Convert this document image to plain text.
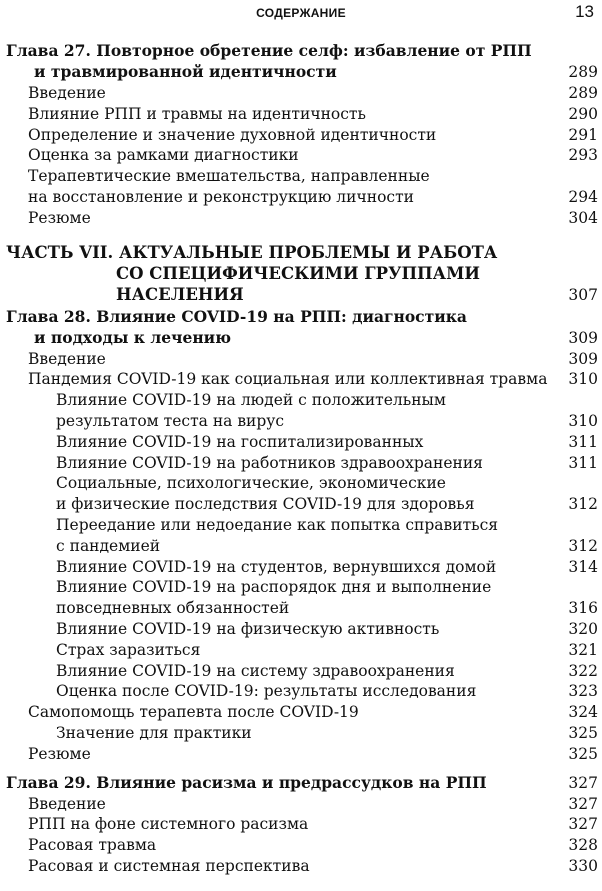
СОДЕРЖАНИЕ	13
Глава 27. Повторное обретение селф: избавление от РПП
и травмированной идентичности	289
Введение	289
Влияние РПП и травмы на идентичность	290
Определение и значение духовной идентичности	291
Оценка за рамками диагностики	293
Терапевтические вмешательства, направленные
на восстановление и реконструкцию личности	294
Резюме	304
ЧАСТЬ VII. АКТУАЛЬНЫЕ ПРОБЛЕМЫ И РАБОТА
СО СПЕЦИФИЧЕСКИМИ ГРУППАМИ
НАСЕЛЕНИЯ	307
Глава 28. Влияние COVID-19 на РПП: диагностика
и подходы к лечению	309
Введение	309
Пандемия COVID-19 как социальная или коллективная травма	310
Влияние COVID-19 на людей с положительным
результатом теста на вирус	310
Влияние COVID-19 на госпитализированных	311
Влияние COVID-19 на работников здравоохранения	311
Социальные, психологические, экономические
и физические последствия COVID-19 для здоровья	312
Переедание или недоедание как попытка справиться
с пандемией	312
Влияние COVID-19 на студентов, вернувшихся домой	314
Влияние COVID-19 на распорядок дня и выполнение
повседневных обязанностей	316
Влияние COVID-19 на физическую активность	320
Страх заразиться	321
Влияние COVID-19 на систему здравоохранения	322
Оценка после COVID-19: результаты исследования	323
Самопомощь терапевта после COVID-19	324
Значение для практики	325
Резюме	325
Глава 29. Влияние расизма и предрассудков на РПП	327
Введение	327
РПП на фоне системного расизма	327
Расовая травма	328
Расовая и системная перспектива	330
